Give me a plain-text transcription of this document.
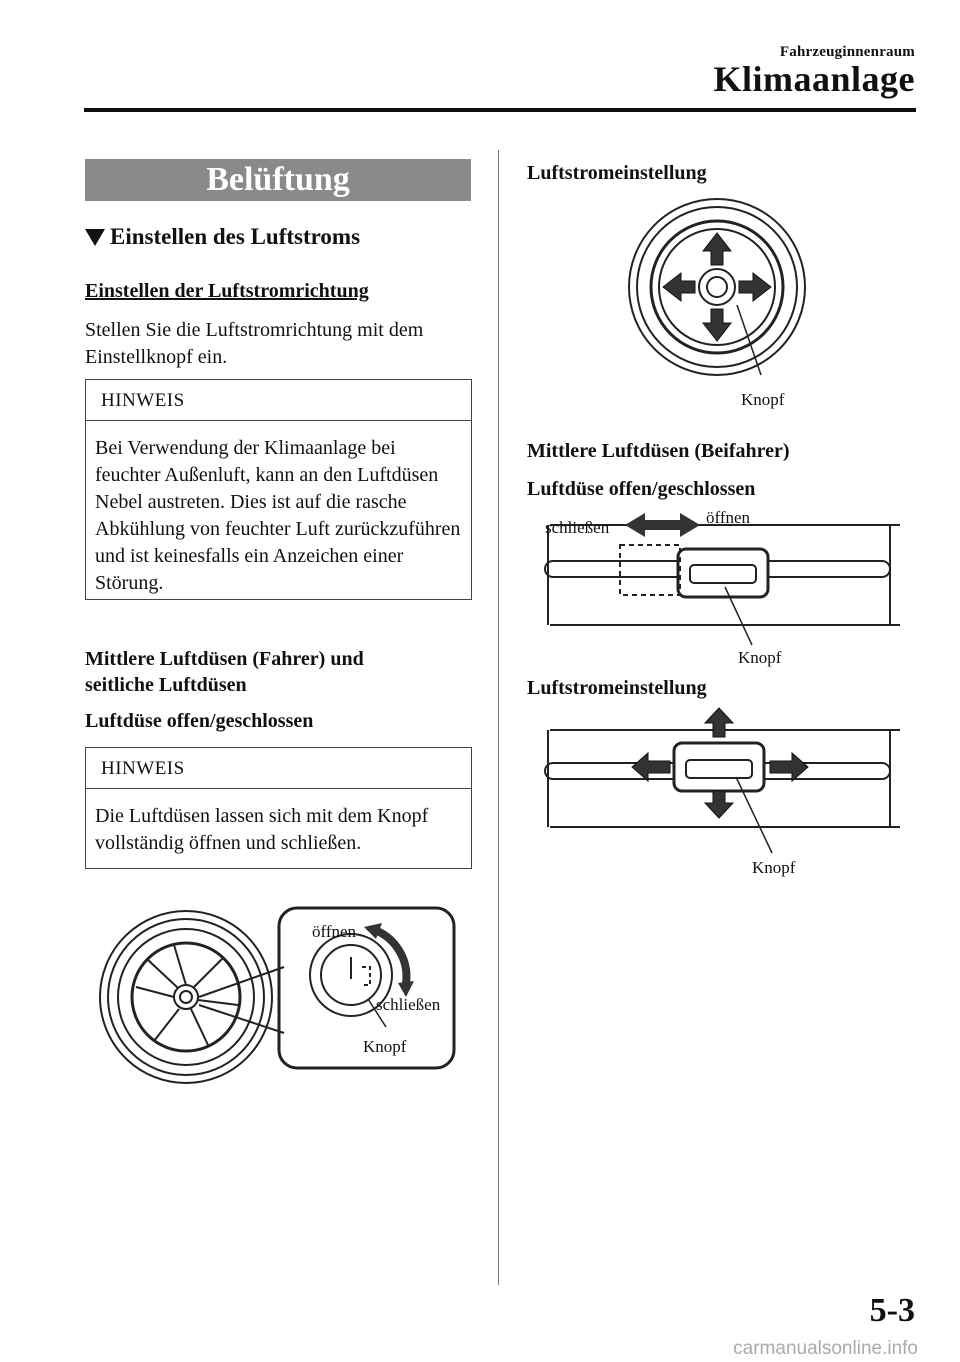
Fahrzeuginnenraum
Klimaanlage
Belüftung
Einstellen des Luftstroms
Einstellen der Luftstromrichtung
Stellen Sie die Luftstromrichtung mit dem Einstellknopf ein.
HINWEIS
Bei Verwendung der Klimaanlage bei feuchter Außenluft, kann an den Luftdüsen Nebel austreten. Dies ist auf die rasche Abkühlung von feuchter Luft zurückzuführen und ist keinesfalls ein Anzeichen einer Störung.
Mittlere Luftdüsen (Fahrer) und
seitliche Luftdüsen
Luftdüse offen/geschlossen
HINWEIS
Die Luftdüsen lassen sich mit dem Knopf vollständig öffnen und schließen.
öffnen
schließen
Knopf
Luftstromeinstellung
Knopf
Mittlere Luftdüsen (Beifahrer)
Luftdüse offen/geschlossen
schließen
öffnen
Knopf
Luftstromeinstellung
Knopf
5-3
carmanualsonline.info
